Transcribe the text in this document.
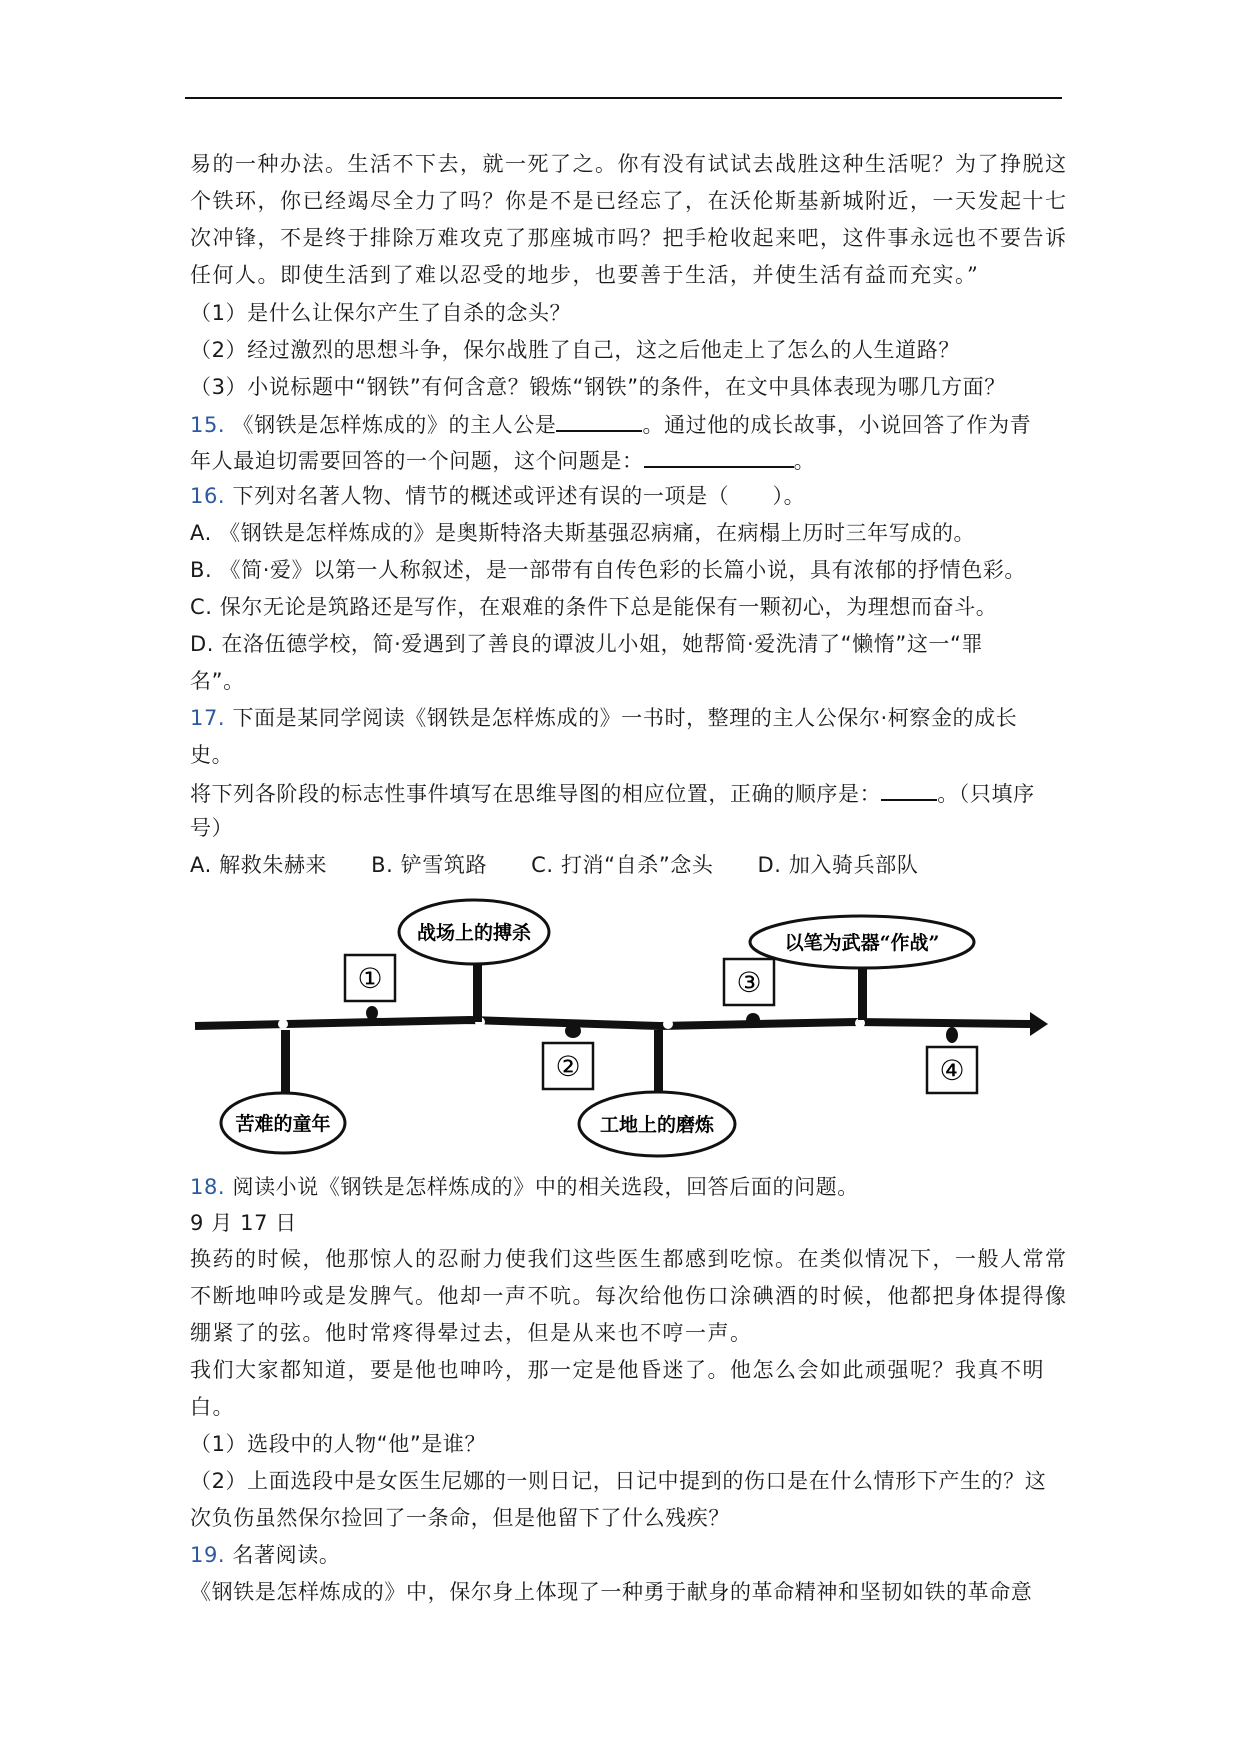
易的一种办法。生活不下去，就一死了之。你有没有试试去战胜这种生活呢？为了挣脱这
个铁环，你已经竭尽全力了吗？你是不是已经忘了，在沃伦斯基新城附近，一天发起十七
次冲锋，不是终于排除万难攻克了那座城市吗？把手枪收起来吧，这件事永远也不要告诉
任何人。即使生活到了难以忍受的地步，也要善于生活，并使生活有益而充实。”
（1）是什么让保尔产生了自杀的念头？
（2）经过激烈的思想斗争，保尔战胜了自己，这之后他走上了怎么的人生道路？
（3）小说标题中“钢铁”有何含意？锻炼“钢铁”的条件，在文中具体表现为哪几方面？
15. 《钢铁是怎样炼成的》的主人公是	。通过他的成长故事，小说回答了作为青
年人最迫切需要回答的一个问题，这个问题是：	。
16. 下列对名著人物、情节的概述或评述有误的一项是（　　）。
A. 《钢铁是怎样炼成的》是奥斯特洛夫斯基强忍病痛，在病榻上历时三年写成的。
B. 《简·爱》以第一人称叙述，是一部带有自传色彩的长篇小说，具有浓郁的抒情色彩。
C. 保尔无论是筑路还是写作，在艰难的条件下总是能保有一颗初心，为理想而奋斗。
D. 在洛伍德学校，简·爱遇到了善良的谭波儿小姐，她帮简·爱洗清了“懒惰”这一“罪
名”。
17. 下面是某同学阅读《钢铁是怎样炼成的》一书时，整理的主人公保尔·柯察金的成长
史。
将下列各阶段的标志性事件填写在思维导图的相应位置，正确的顺序是：	。（只填序
号）
A. 解救朱赫来 B. 铲雪筑路 C. 打消“自杀”念头 D. 加入骑兵部队
苦难的童年
战场上的搏杀
工地上的磨炼
以笔为武器“作战”
①
②
③
④
18. 阅读小说《钢铁是怎样炼成的》中的相关选段，回答后面的问题。
9 月 17 日
换药的时候，他那惊人的忍耐力使我们这些医生都感到吃惊。在类似情况下，一般人常常
不断地呻吟或是发脾气。他却一声不吭。每次给他伤口涂碘酒的时候，他都把身体提得像
绷紧了的弦。他时常疼得晕过去，但是从来也不哼一声。
我们大家都知道，要是他也呻吟，那一定是他昏迷了。他怎么会如此顽强呢？我真不明
白。
（1）选段中的人物“他”是谁？
（2）上面选段中是女医生尼娜的一则日记，日记中提到的伤口是在什么情形下产生的？这
次负伤虽然保尔捡回了一条命，但是他留下了什么残疾？
19. 名著阅读。
《钢铁是怎样炼成的》中，保尔身上体现了一种勇于献身的革命精神和坚韧如铁的革命意
